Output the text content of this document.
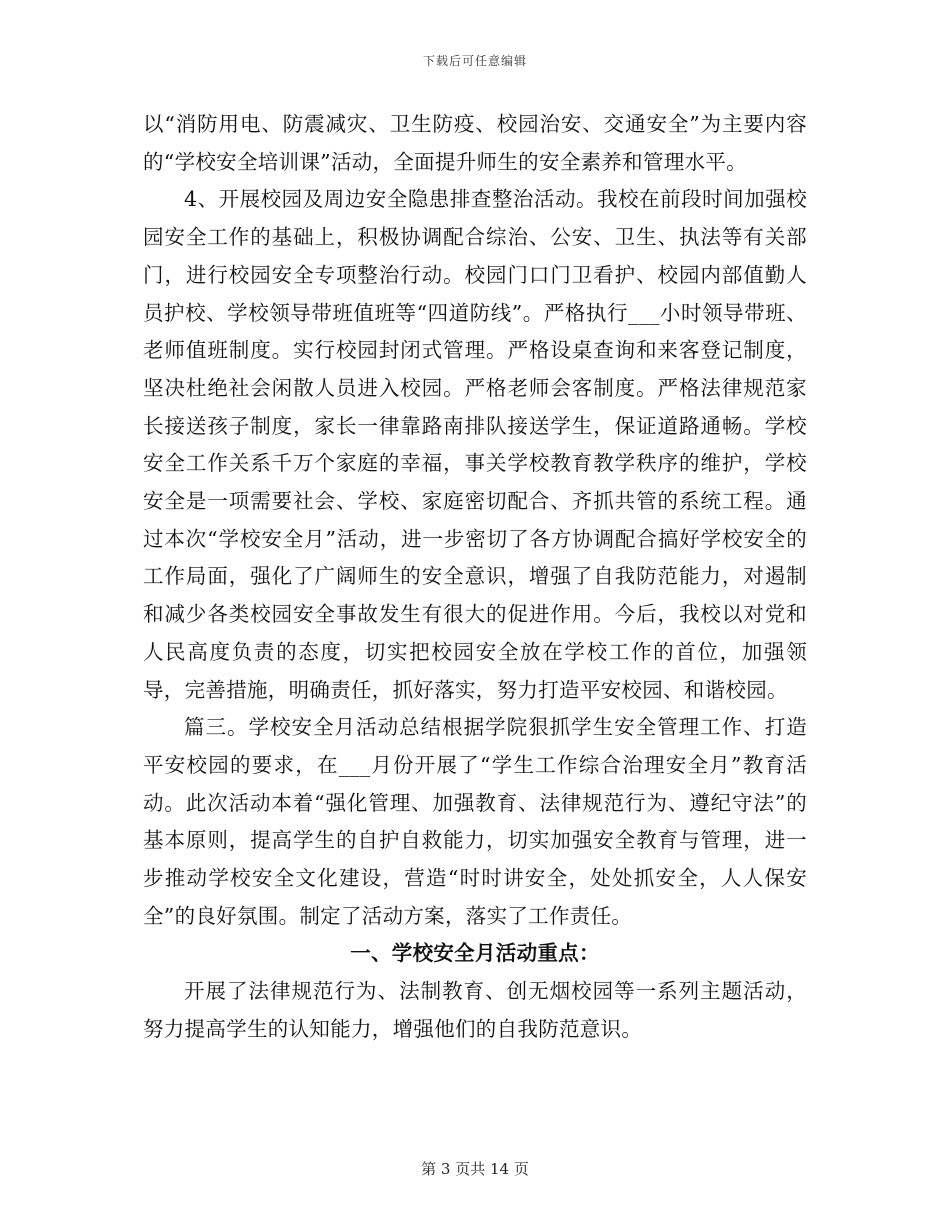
下载后可任意编辑

以“消防用电、防震减灾、卫生防疫、校园治安、交通安全”为主要内容的“学校安全培训课”活动，全面提升师生的安全素养和管理水平。

4、开展校园及周边安全隐患排查整治活动。我校在前段时间加强校园安全工作的基础上，积极协调配合综治、公安、卫生、执法等有关部门，进行校园安全专项整治行动。校园门口门卫看护、校园内部值勤人员护校、学校领导带班值班等“四道防线”。严格执行___小时领导带班、老师值班制度。实行校园封闭式管理。严格设桌查询和来客登记制度，坚决杜绝社会闲散人员进入校园。严格老师会客制度。严格法律规范家长接送孩子制度，家长一律靠路南排队接送学生，保证道路通畅。学校安全工作关系千万个家庭的幸福，事关学校教育教学秩序的维护，学校安全是一项需要社会、学校、家庭密切配合、齐抓共管的系统工程。通过本次“学校安全月”活动，进一步密切了各方协调配合搞好学校安全的工作局面，强化了广阔师生的安全意识，增强了自我防范能力，对遏制和减少各类校园安全事故发生有很大的促进作用。今后，我校以对党和人民高度负责的态度，切实把校园安全放在学校工作的首位，加强领导，完善措施，明确责任，抓好落实，努力打造平安校园、和谐校园。

篇三。学校安全月活动总结根据学院狠抓学生安全管理工作、打造平安校园的要求，在___月份开展了“学生工作综合治理安全月”教育活动。此次活动本着“强化管理、加强教育、法律规范行为、遵纪守法”的基本原则，提高学生的自护自救能力，切实加强安全教育与管理，进一步推动学校安全文化建设，营造“时时讲安全，处处抓安全，人人保安全”的良好氛围。制定了活动方案，落实了工作责任。

一、学校安全月活动重点：

开展了法律规范行为、法制教育、创无烟校园等一系列主题活动，努力提高学生的认知能力，增强他们的自我防范意识。

第 3 页共 14 页
